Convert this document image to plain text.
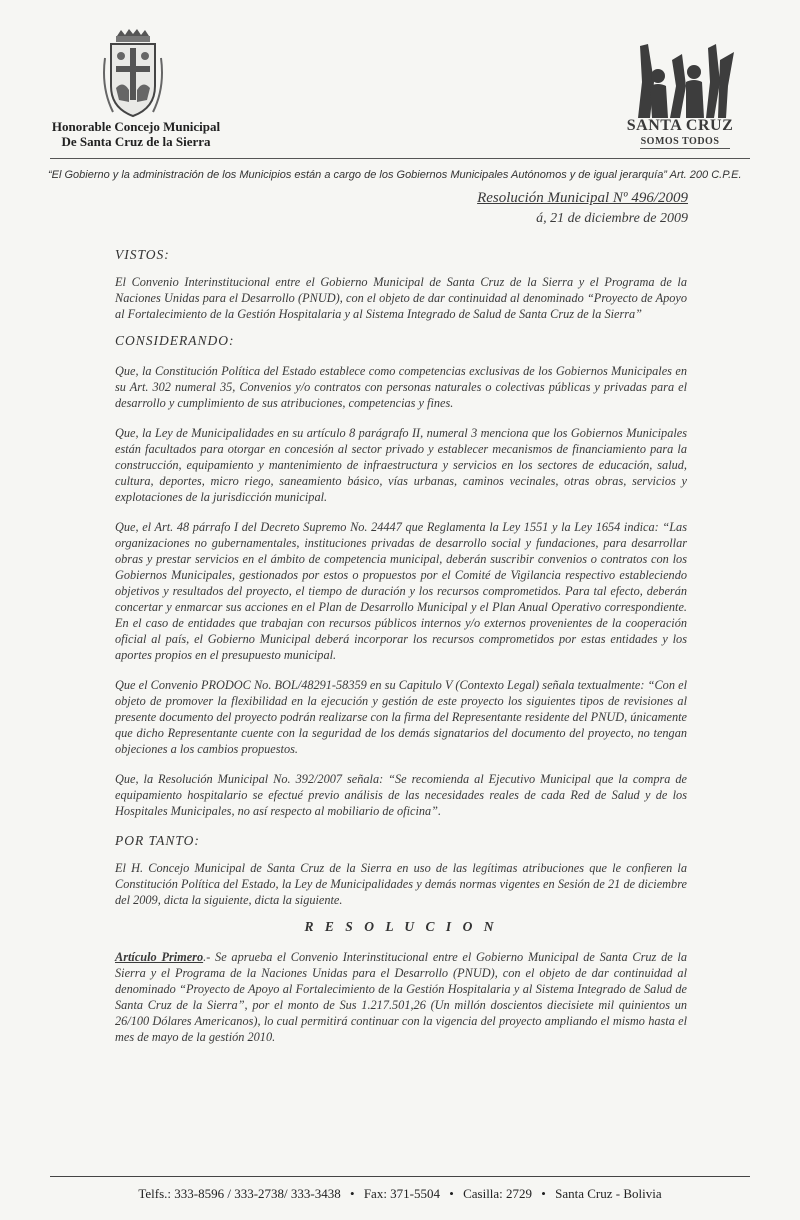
Honorable Concejo Municipal
De Santa Cruz de la Sierra
SANTA CRUZ
SOMOS TODOS
“El Gobierno y la administración de los Municipios están a cargo de los Gobiernos Municipales Autónomos y de igual jerarquía” Art. 200 C.P.E.
Resolución Municipal Nº 496/2009
á, 21 de diciembre de 2009

VISTOS:

El Convenio Interinstitucional entre el Gobierno Municipal de Santa Cruz de la Sierra y el Programa de la Naciones Unidas para el Desarrollo (PNUD), con el objeto de dar continuidad al denominado “Proyecto de Apoyo al Fortalecimiento de la Gestión Hospitalaria y al Sistema Integrado de Salud de Santa Cruz de la Sierra”

CONSIDERANDO:

Que, la Constitución Política del Estado establece como competencias exclusivas de los Gobiernos Municipales en su Art. 302 numeral 35, Convenios y/o contratos con personas naturales o colectivas públicas y privadas para el desarrollo y cumplimiento de sus atribuciones, competencias y fines.

Que, la Ley de Municipalidades en su artículo 8 parágrafo II, numeral 3 menciona que los Gobiernos Municipales están facultados para otorgar en concesión al sector privado y establecer mecanismos de financiamiento para la construcción, equipamiento y mantenimiento de infraestructura y servicios en los sectores de educación, salud, cultura, deportes, micro riego, saneamiento básico, vías urbanas, caminos vecinales, otras obras, servicios y explotaciones de la jurisdicción municipal.

Que, el Art. 48 párrafo I del Decreto Supremo No. 24447 que Reglamenta la Ley 1551 y la Ley 1654 indica: “Las organizaciones no gubernamentales, instituciones privadas de desarrollo social y fundaciones, para desarrollar obras y prestar servicios en el ámbito de competencia municipal, deberán suscribir convenios o contratos con los Gobiernos Municipales, gestionados por estos o propuestos por el Comité de Vigilancia respectivo estableciendo objetivos y resultados del proyecto, el tiempo de duración y los recursos comprometidos. Para tal efecto, deberán concertar y enmarcar sus acciones en el Plan de Desarrollo Municipal y el Plan Anual Operativo correspondiente. En el caso de entidades que trabajan con recursos públicos internos y/o externos provenientes de la cooperación oficial al país, el Gobierno Municipal deberá incorporar los recursos comprometidos por estas entidades y los aportes propios en el presupuesto municipal.

Que el Convenio PRODOC No. BOL/48291-58359 en su Capitulo V (Contexto Legal) señala textualmente: “Con el objeto de promover la flexibilidad en la ejecución y gestión de este proyecto los siguientes tipos de revisiones al presente documento del proyecto podrán realizarse con la firma del Representante residente del PNUD, únicamente que dicho Representante cuente con la seguridad de los demás signatarios del documento del proyecto, no tengan objeciones a los cambios propuestos.

Que, la Resolución Municipal No. 392/2007 señala: “Se recomienda al Ejecutivo Municipal que la compra de equipamiento hospitalario se efectué previo análisis de las necesidades reales de cada Red de Salud y de los Hospitales Municipales, no así respecto al mobiliario de oficina”.

POR TANTO:

El H. Concejo Municipal de Santa Cruz de la Sierra en uso de las legítimas atribuciones que le confieren la Constitución Política del Estado, la Ley de Municipalidades y demás normas vigentes en Sesión de 21 de diciembre del 2009, dicta la siguiente, dicta la siguiente.

R E S O L U C I O N

Artículo Primero.- Se aprueba el Convenio Interinstitucional entre el Gobierno Municipal de Santa Cruz de la Sierra y el Programa de la Naciones Unidas para el Desarrollo (PNUD), con el objeto de dar continuidad al denominado “Proyecto de Apoyo al Fortalecimiento de la Gestión Hospitalaria y al Sistema Integrado de Salud de Santa Cruz de la Sierra”, por el monto de Sus 1.217.501,26 (Un millón doscientos diecisiete mil quinientos un 26/100 Dólares Americanos), lo cual permitirá continuar con la vigencia del proyecto ampliando el mismo hasta el mes de mayo de la gestión 2010.

Telfs.: 333-8596 / 333-2738/ 333-3438 • Fax: 371-5504 • Casilla: 2729 • Santa Cruz - Bolivia
